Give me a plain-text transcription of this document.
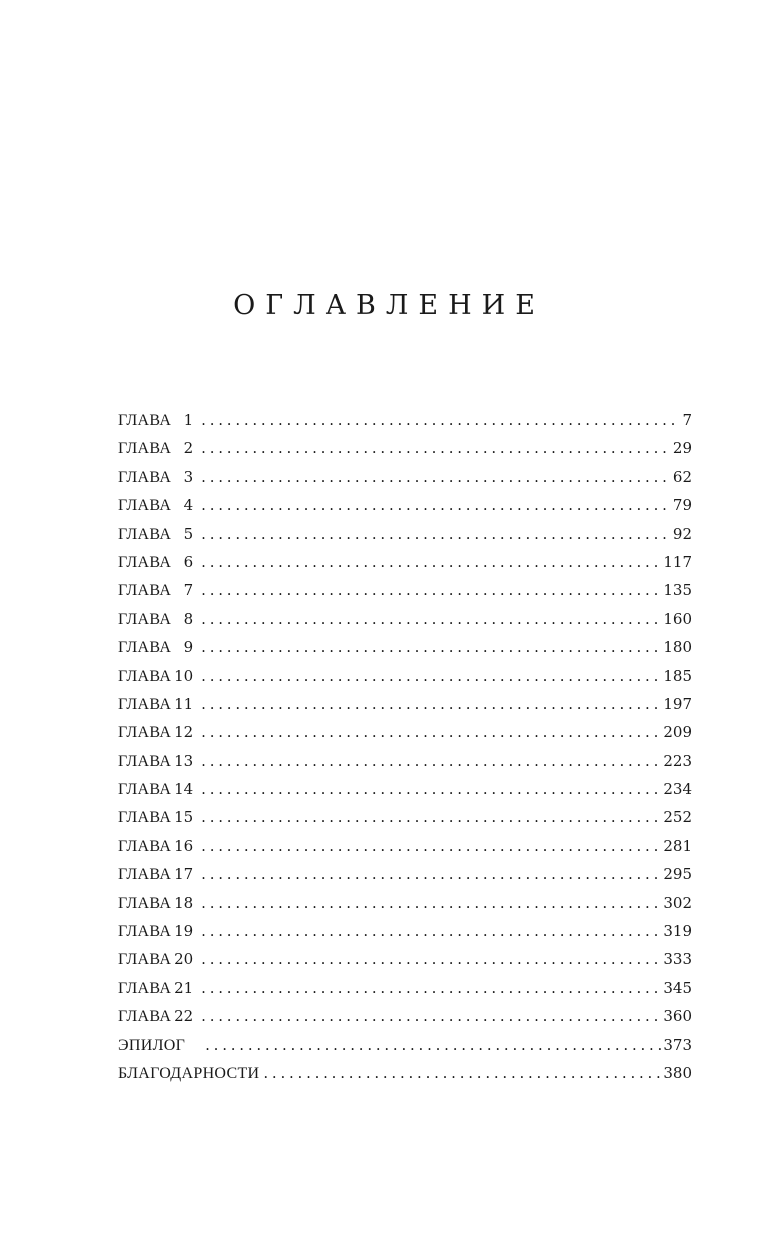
ОГЛАВЛЕНИЕ
ГЛАВА 1 . . .	7
ГЛАВА 2 . . .	29
ГЛАВА 3 . . .	62
ГЛАВА 4 . . .	79
ГЛАВА 5 . . .	92
ГЛАВА 6 . . .	117
ГЛАВА 7 . . .	135
ГЛАВА 8 . . .	160
ГЛАВА 9 . . .	180
ГЛАВА 10 . . .	185
ГЛАВА 11 . . .	197
ГЛАВА 12 . . .	209
ГЛАВА 13 . . .	223
ГЛАВА 14 . . .	234
ГЛАВА 15 . . .	252
ГЛАВА 16 . . .	281
ГЛАВА 17 . . .	295
ГЛАВА 18 . . .	302
ГЛАВА 19 . . .	319
ГЛАВА 20 . . .	333
ГЛАВА 21 . . .	345
ГЛАВА 22 . . .	360
ЭПИЛОГ . . .	373
БЛАГОДАРНОСТИ . . .	380
